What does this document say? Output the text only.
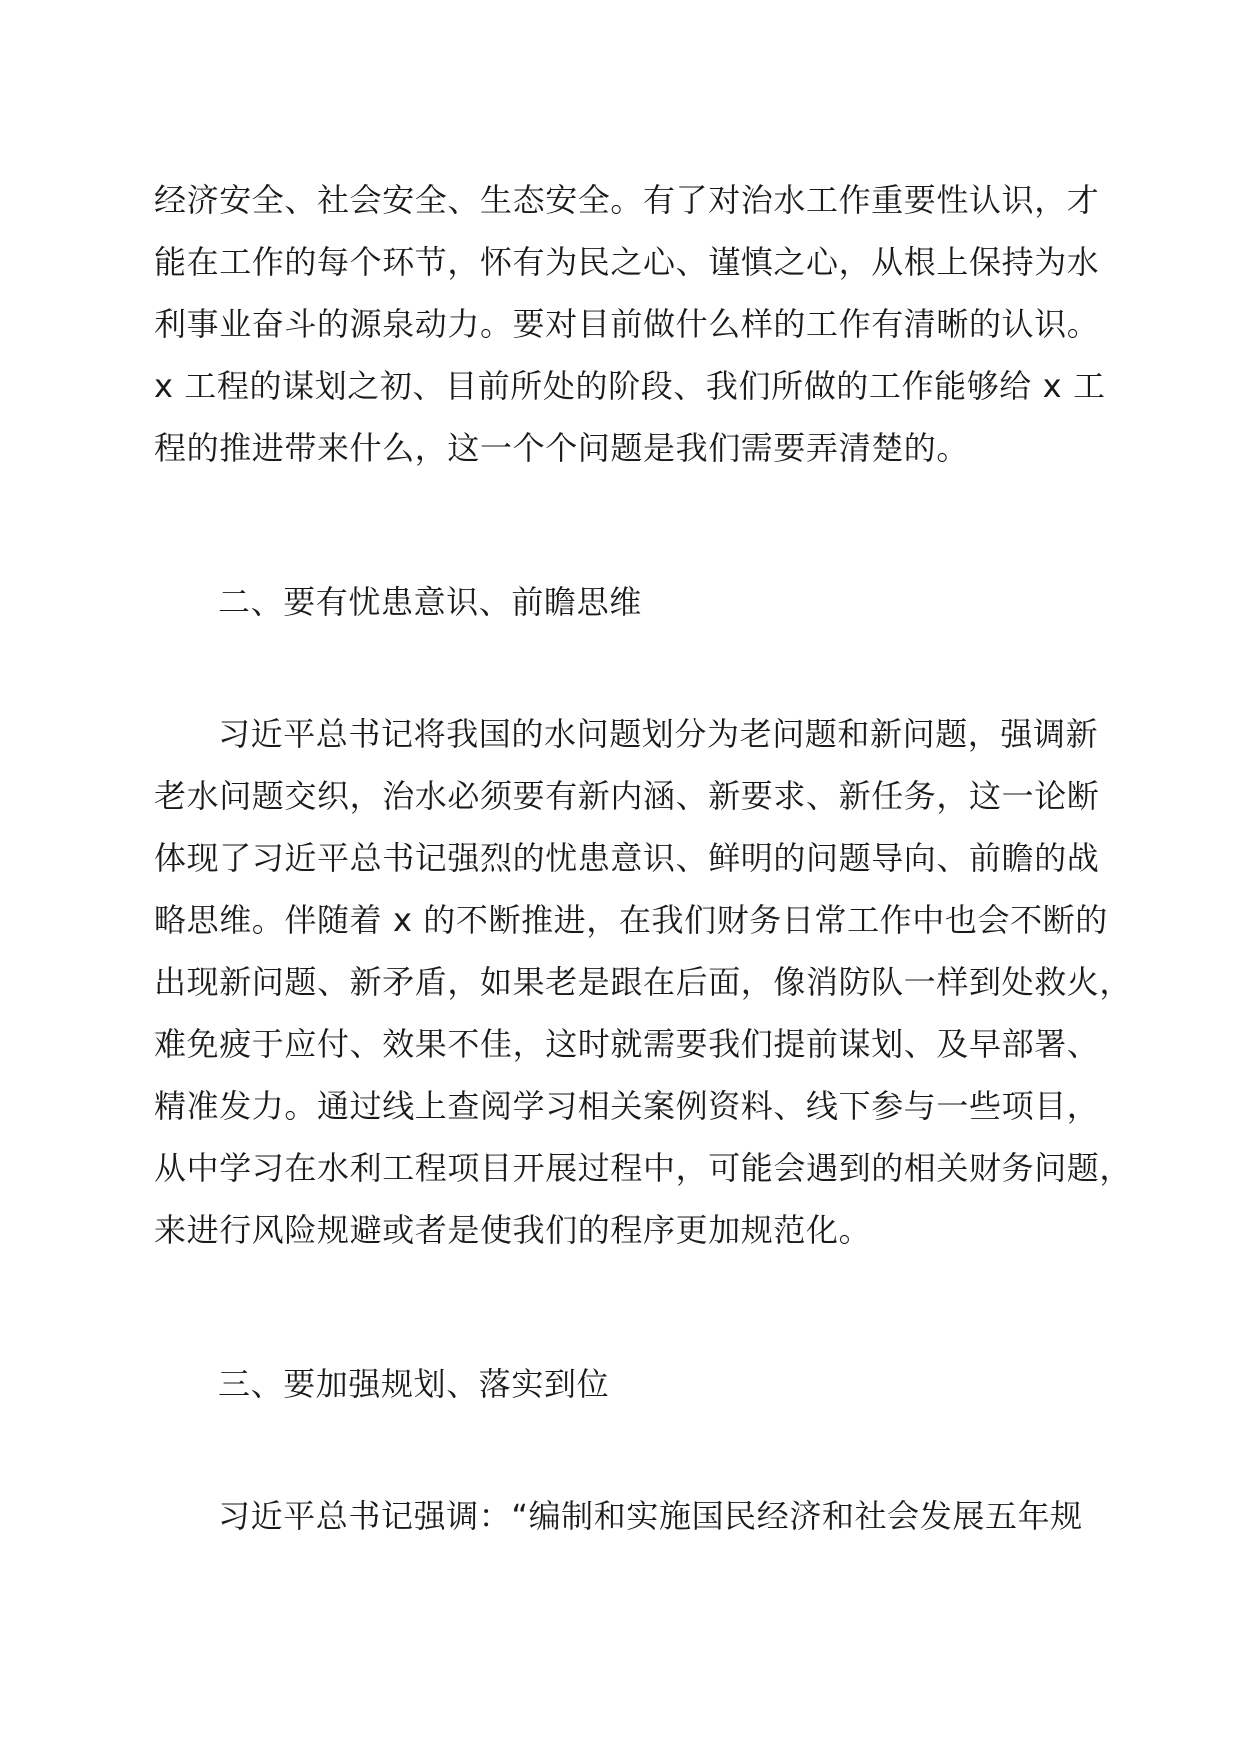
经济安全、社会安全、生态安全。有了对治水工作重要性认识，才
能在工作的每个环节，怀有为民之心、谨慎之心，从根上保持为水
利事业奋斗的源泉动力。要对目前做什么样的工作有清晰的认识。
x 工程的谋划之初、目前所处的阶段、我们所做的工作能够给 x 工
程的推进带来什么，这一个个问题是我们需要弄清楚的。
二、要有忧患意识、前瞻思维
习近平总书记将我国的水问题划分为老问题和新问题，强调新
老水问题交织，治水必须要有新内涵、新要求、新任务，这一论断
体现了习近平总书记强烈的忧患意识、鲜明的问题导向、前瞻的战
略思维。伴随着 x 的不断推进，在我们财务日常工作中也会不断的
出现新问题、新矛盾，如果老是跟在后面，像消防队一样到处救火，
难免疲于应付、效果不佳，这时就需要我们提前谋划、及早部署、
精准发力。通过线上查阅学习相关案例资料、线下参与一些项目，
从中学习在水利工程项目开展过程中，可能会遇到的相关财务问题，
来进行风险规避或者是使我们的程序更加规范化。
三、要加强规划、落实到位
习近平总书记强调：“编制和实施国民经济和社会发展五年规
